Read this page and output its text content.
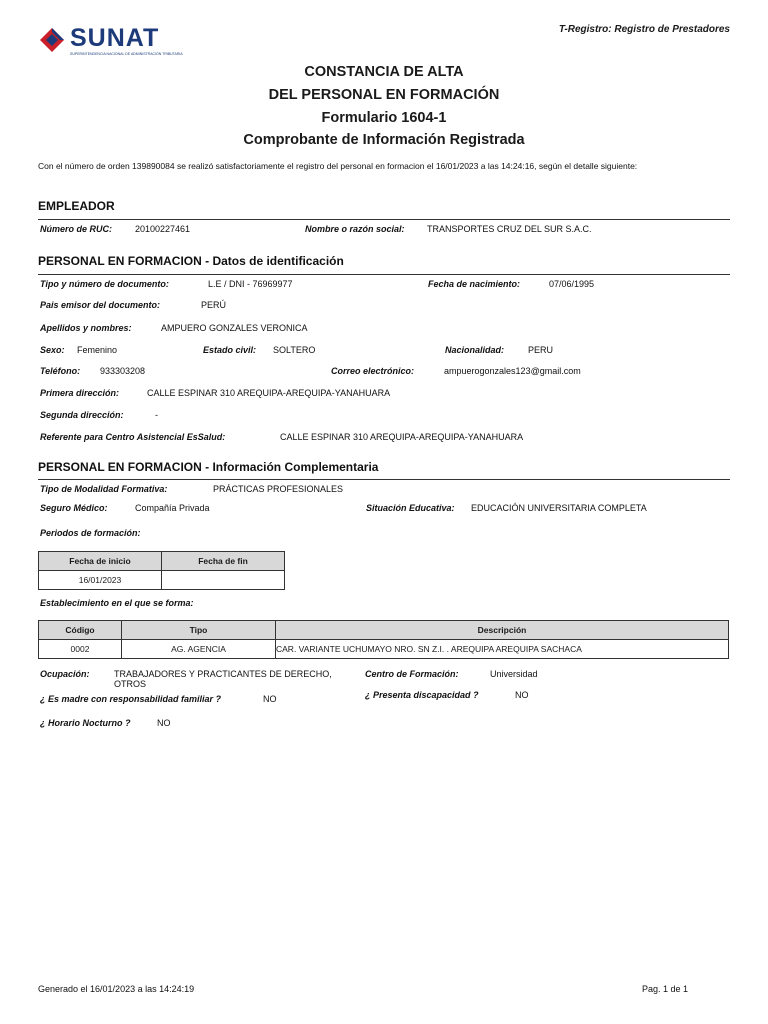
SUNAT
SUPERINTENDENCIA NACIONAL DE ADMINISTRACIÓN TRIBUTARIA
T-Registro: Registro de Prestadores
CONSTANCIA DE ALTA
DEL PERSONAL EN FORMACIÓN
Formulario 1604-1
Comprobante de Información Registrada
Con el número de orden 139890084 se realizó satisfactoriamente el registro del personal en formacion el 16/01/2023 a las 14:24:16, según el detalle siguiente:
EMPLEADOR
Número de RUC:	20100227461	Nombre o razón social: TRANSPORTES CRUZ DEL SUR S.A.C.
PERSONAL EN FORMACION - Datos de identificación
Tipo y número de documento:	L.E / DNI - 76969977	Fecha de nacimiento:	07/06/1995
Pais emisor del documento:	PERÚ
Apellidos y nombres:	AMPUERO GONZALES VERONICA
Sexo: Femenino	Estado civil: SOLTERO	Nacionalidad:	PERU
Teléfono: 933303208	Correo electrónico:	ampuerogonzales123@gmail.com
Primera dirección:	CALLE ESPINAR 310 AREQUIPA-AREQUIPA-YANAHUARA
Segunda dirección:	-
Referente para Centro Asistencial EsSalud:	CALLE ESPINAR 310 AREQUIPA-AREQUIPA-YANAHUARA
PERSONAL EN FORMACION - Información Complementaria
Tipo de Modalidad Formativa:	PRÁCTICAS PROFESIONALES
Seguro Médico:	Compañía Privada	Situación Educativa: EDUCACIÓN UNIVERSITARIA COMPLETA
Periodos de formación:
Fecha de inicio	Fecha de fin
16/01/2023	
Establecimiento en el que se forma:
Código	Tipo	Descripción
0002	AG. AGENCIA	CAR. VARIANTE UCHUMAYO NRO. SN Z.I. . AREQUIPA AREQUIPA SACHACA
Ocupación:	TRABAJADORES Y PRACTICANTES DE DERECHO,
OTROS
Centro de Formación:	Universidad
¿ Es madre con responsabilidad familiar ?	NO	¿ Presenta discapacidad ?	NO
¿ Horario Nocturno ?	NO
Generado el 16/01/2023 a las 14:24:19	Pag. 1 de 1
